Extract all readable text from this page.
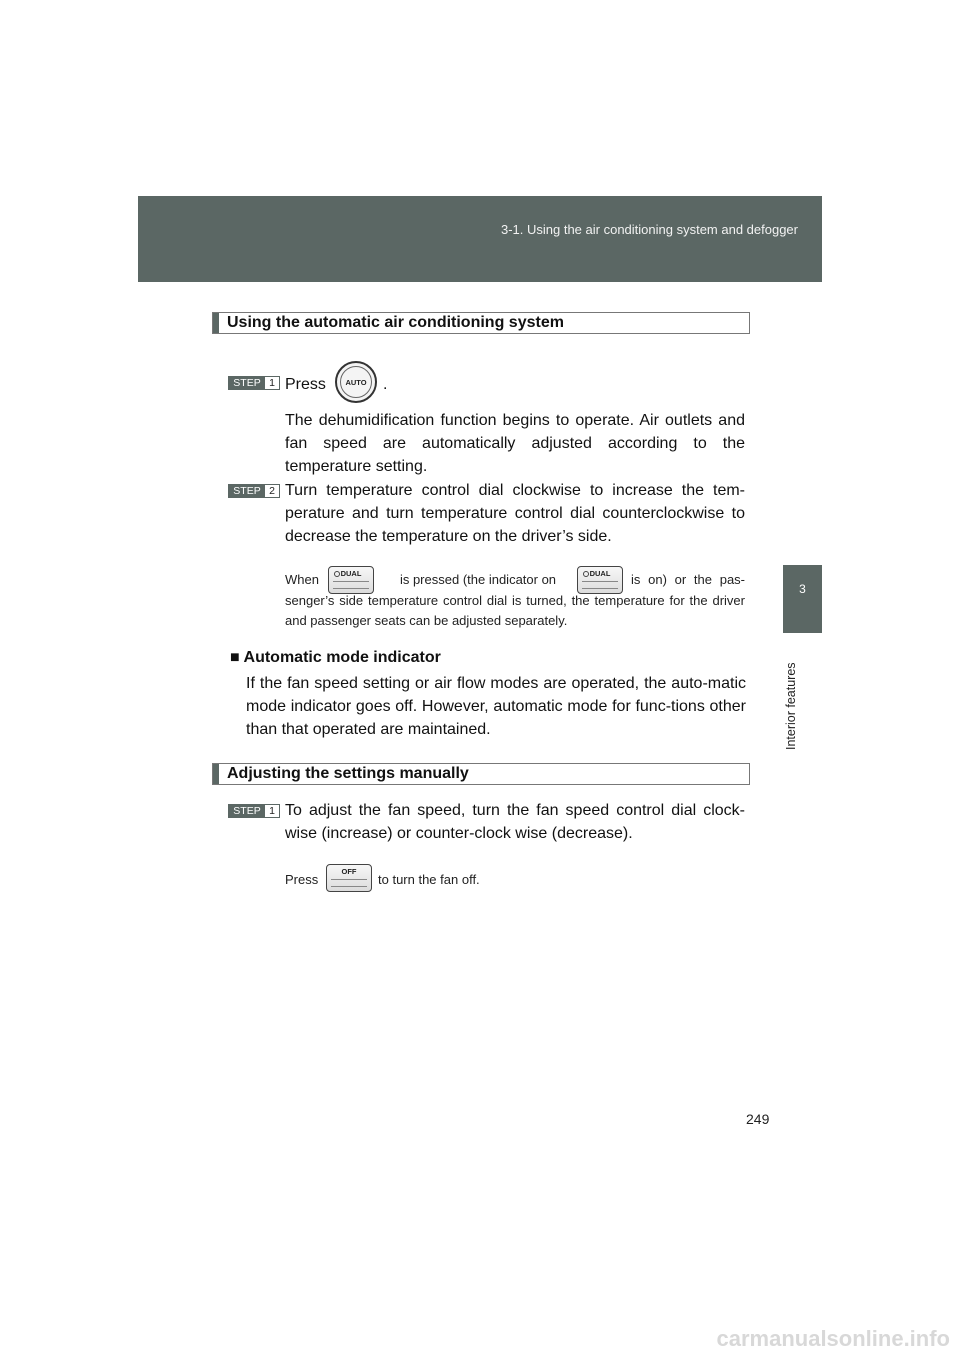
3-1. Using the air conditioning system and defogger
3
Interior features
Using the automatic air conditioning system
STEP 1 Press	AUTO	.

The dehumidification function begins to operate. Air outlets and fan speed are automatically adjusted according to the temperature setting.

STEP 2 Turn temperature control dial clockwise to increase the tem-perature and turn temperature control dial counterclockwise to decrease the temperature on the driver’s side.

When	DUAL	is pressed (the indicator on	DUAL	is on) or the pas-senger’s side temperature control dial is turned, the temperature for the driver and passenger seats can be adjusted separately.

■ Automatic mode indicator

If the fan speed setting or air flow modes are operated, the auto-matic mode indicator goes off. However, automatic mode for func-tions other than that operated are maintained.

Adjusting the settings manually
STEP 1 To adjust the fan speed, turn the fan speed control dial clock-wise (increase) or counter-clock wise (decrease).

Press
OFF
to turn the fan off.
249
carmanualsonline.info
